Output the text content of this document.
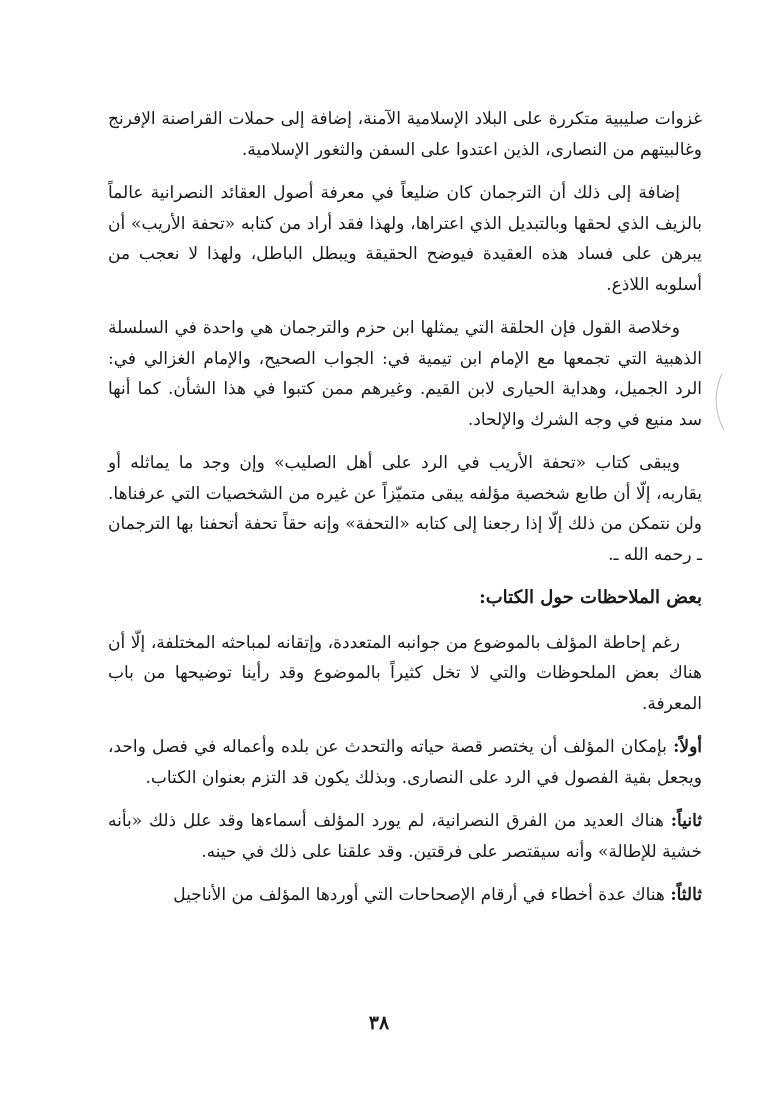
غزوات صليبية متكررة على البلاد الإسلامية الآمنة، إضافة إلى حملات القراصنة الإفرنج وغالبيتهم من النصارى، الذين اعتدوا على السفن والثغور الإسلامية.

إضافة إلى ذلك أن الترجمان كان ضليعاً في معرفة أصول العقائد النصرانية عالماً بالزيف الذي لحقها وبالتبديل الذي اعتراها، ولهذا فقد أراد من كتابه «تحفة الأريب» أن يبرهن على فساد هذه العقيدة فيوضح الحقيقة ويبطل الباطل، ولهذا لا نعجب من أسلوبه اللاذع.

وخلاصة القول فإن الحلقة التي يمثلها ابن حزم والترجمان هي واحدة في السلسلة الذهبية التي تجمعها مع الإمام ابن تيمية في: الجواب الصحيح، والإمام الغزالي في: الرد الجميل، وهداية الحيارى لابن القيم. وغيرهم ممن كتبوا في هذا الشأن. كما أنها سد منيع في وجه الشرك والإلحاد.

ويبقى كتاب «تحفة الأريب في الرد على أهل الصليب» وإن وجد ما يماثله أو يقاربه، إلّا أن طابع شخصية مؤلفه يبقى متميّزاً عن غيره من الشخصيات التي عرفناها. ولن نتمكن من ذلك إلّا إذا رجعنا إلى كتابه «التحفة» وإنه حقاً تحفة أتحفنا بها الترجمان ـ رحمه الله ـ.

بعض الملاحظات حول الكتاب:

رغم إحاطة المؤلف بالموضوع من جوانبه المتعددة، وإتقانه لمباحثه المختلفة، إلّا أن هناك بعض الملحوظات والتي لا تخل كثيراً بالموضوع وقد رأينا توضيحها من باب المعرفة.

أولاً: بإمكان المؤلف أن يختصر قصة حياته والتحدث عن بلده وأعماله في فصل واحد، ويجعل بقية الفصول في الرد على النصارى. وبذلك يكون قد التزم بعنوان الكتاب.

ثانياً: هناك العديد من الفرق النصرانية، لم يورد المؤلف أسماءها وقد علل ذلك «بأنه خشية للإطالة» وأنه سيقتصر على فرقتين. وقد علقنا على ذلك في حينه.

ثالثاً: هناك عدة أخطاء في أرقام الإصحاحات التي أوردها المؤلف من الأناجيل

٣٨
